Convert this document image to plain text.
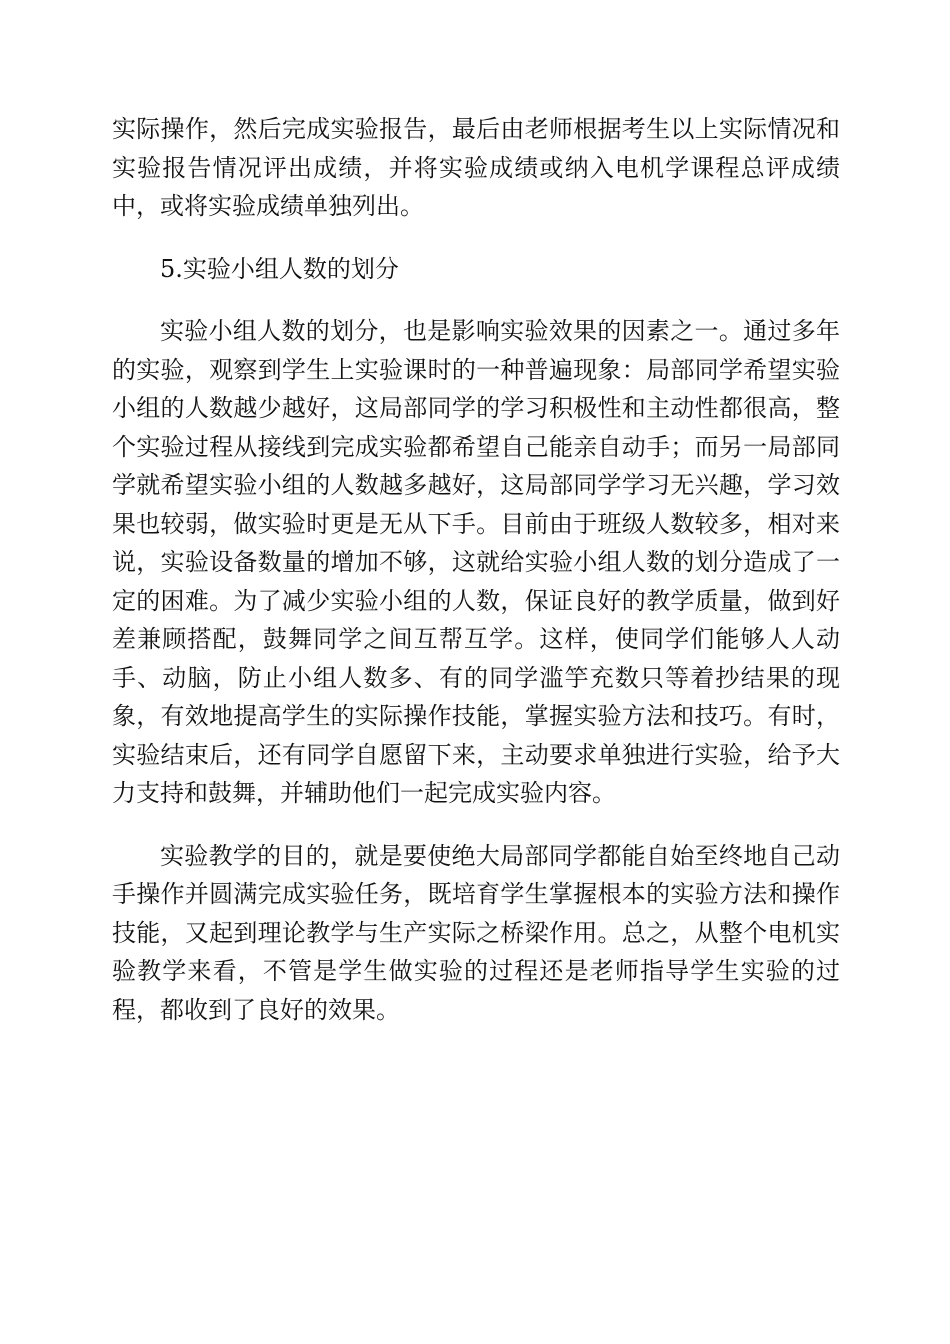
实际操作，然后完成实验报告，最后由老师根据考生以上实际情况和实验报告情况评出成绩，并将实验成绩或纳入电机学课程总评成绩中，或将实验成绩单独列出。

5.实验小组人数的划分

实验小组人数的划分，也是影响实验效果的因素之一。通过多年的实验，观察到学生上实验课时的一种普遍现象：局部同学希望实验小组的人数越少越好，这局部同学的学习积极性和主动性都很高，整个实验过程从接线到完成实验都希望自己能亲自动手；而另一局部同学就希望实验小组的人数越多越好，这局部同学学习无兴趣，学习效果也较弱，做实验时更是无从下手。目前由于班级人数较多，相对来说，实验设备数量的增加不够，这就给实验小组人数的划分造成了一定的困难。为了减少实验小组的人数，保证良好的教学质量，做到好差兼顾搭配，鼓舞同学之间互帮互学。这样，使同学们能够人人动手、动脑，防止小组人数多、有的同学滥竽充数只等着抄结果的现象，有效地提高学生的实际操作技能，掌握实验方法和技巧。有时，实验结束后，还有同学自愿留下来，主动要求单独进行实验，给予大力支持和鼓舞，并辅助他们一起完成实验内容。

实验教学的目的，就是要使绝大局部同学都能自始至终地自己动手操作并圆满完成实验任务，既培育学生掌握根本的实验方法和操作技能，又起到理论教学与生产实际之桥梁作用。总之，从整个电机实验教学来看，不管是学生做实验的过程还是老师指导学生实验的过程，都收到了良好的效果。
